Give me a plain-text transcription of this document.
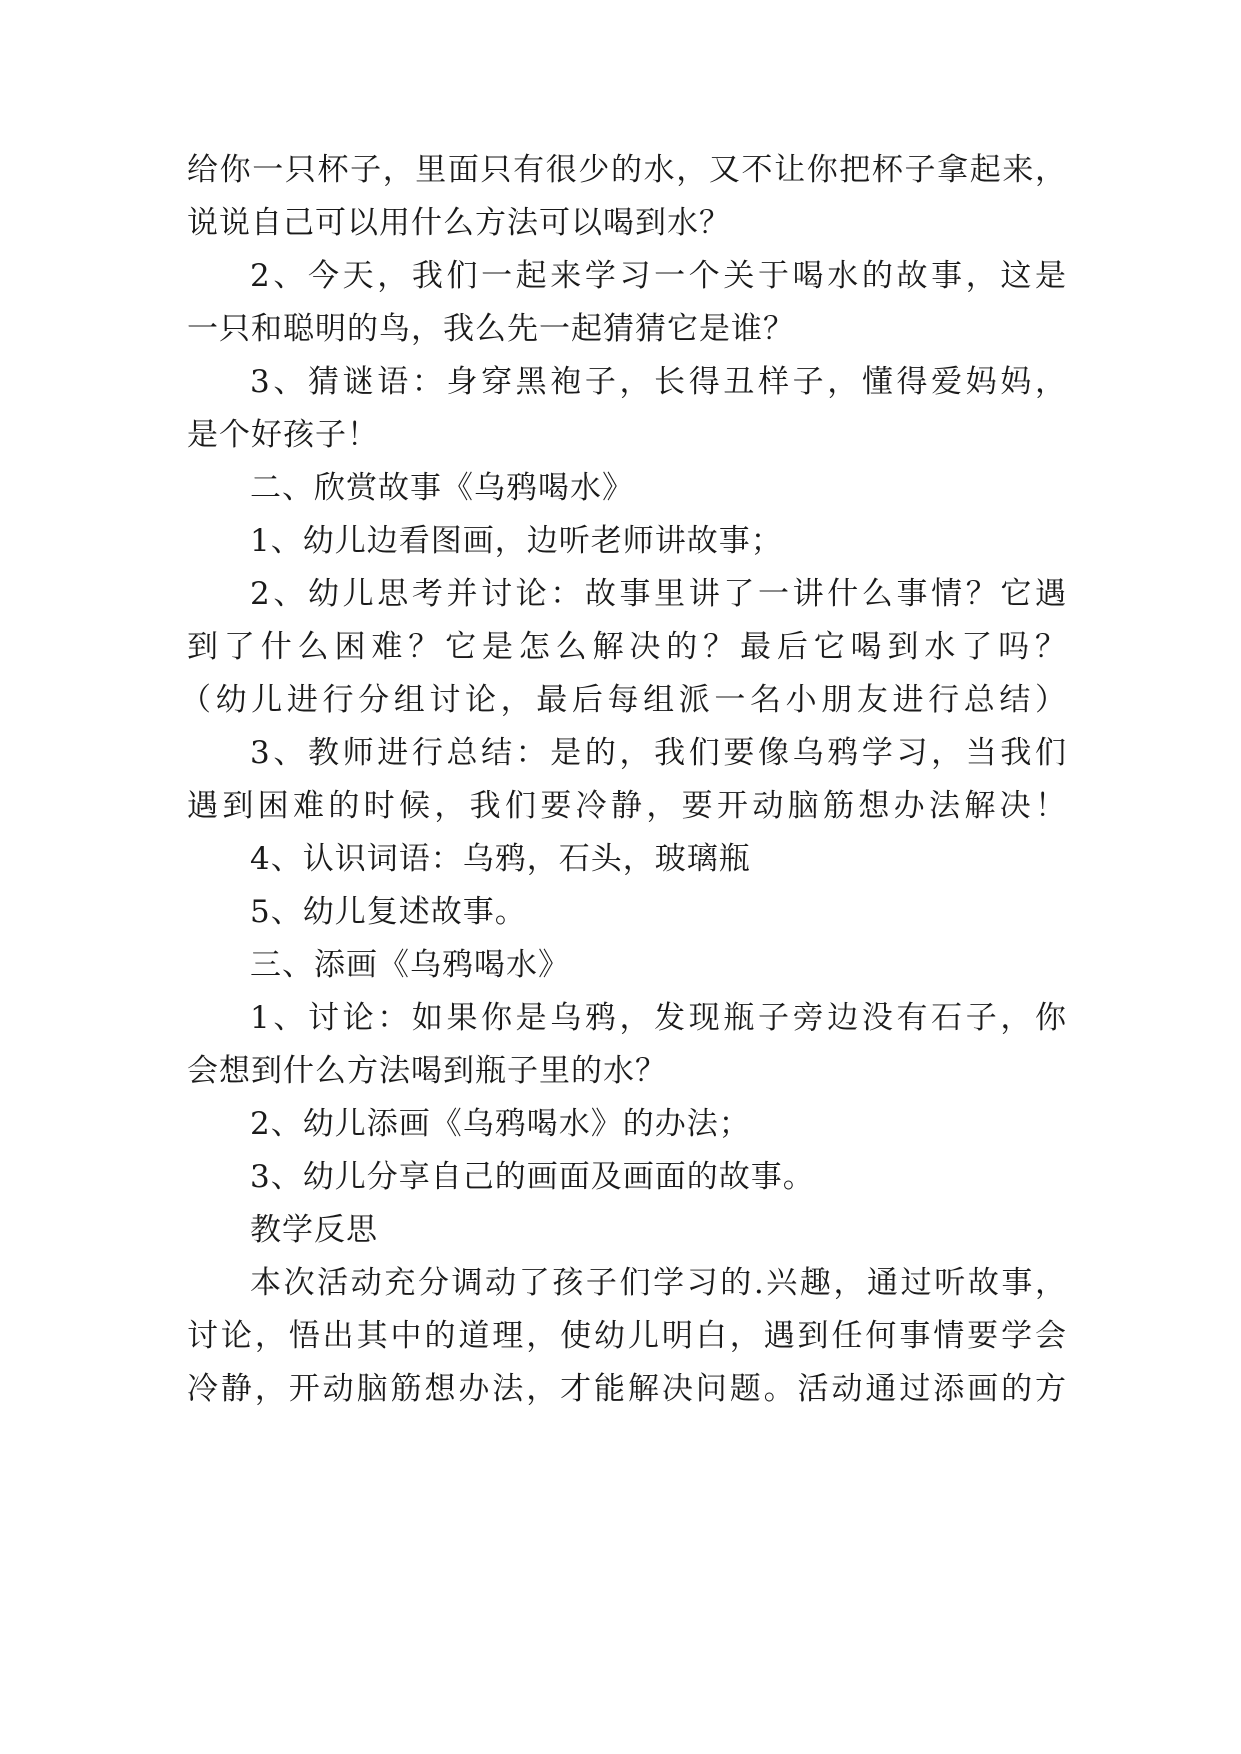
给你一只杯子，里面只有很少的水，又不让你把杯子拿起来，
说说自己可以用什么方法可以喝到水？
2、今天，我们一起来学习一个关于喝水的故事，这是
一只和聪明的鸟，我么先一起猜猜它是谁？
3、猜谜语：身穿黑袍子，长得丑样子，懂得爱妈妈，
是个好孩子！
二、欣赏故事《乌鸦喝水》
1、幼儿边看图画，边听老师讲故事；
2、幼儿思考并讨论：故事里讲了一讲什么事情？它遇
到了什么困难？它是怎么解决的？最后它喝到水了吗？
（幼儿进行分组讨论，最后每组派一名小朋友进行总结）
3、教师进行总结：是的，我们要像乌鸦学习，当我们
遇到困难的时候，我们要冷静，要开动脑筋想办法解决！
4、认识词语：乌鸦，石头，玻璃瓶
5、幼儿复述故事。
三、添画《乌鸦喝水》
1、讨论：如果你是乌鸦，发现瓶子旁边没有石子，你
会想到什么方法喝到瓶子里的水？
2、幼儿添画《乌鸦喝水》的办法；
3、幼儿分享自己的画面及画面的故事。
教学反思
本次活动充分调动了孩子们学习的.兴趣，通过听故事，
讨论，悟出其中的道理，使幼儿明白，遇到任何事情要学会
冷静，开动脑筋想办法，才能解决问题。活动通过添画的方
